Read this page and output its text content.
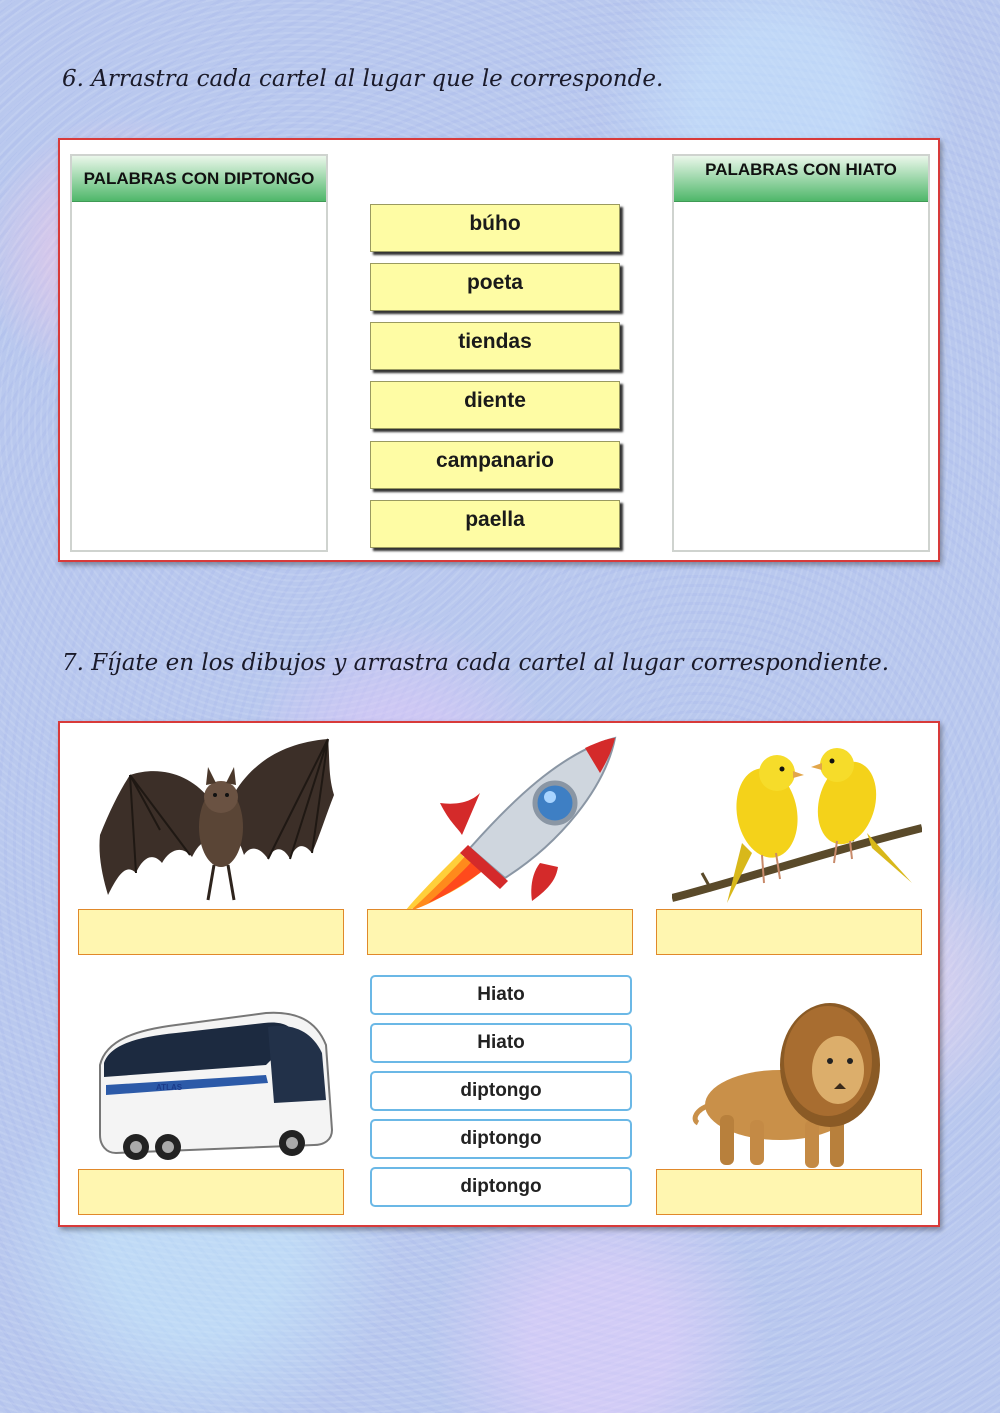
6. Arrastra cada cartel al lugar que le corresponde.
PALABRAS CON DIPTONGO	PALABRAS CON HIATO
búho
poeta
tiendas
diente
campanario
paella
7. Fíjate en los dibujos y arrastra cada cartel al lugar correspondiente.
ATLAS
Hiato
Hiato
diptongo
diptongo
diptongo
